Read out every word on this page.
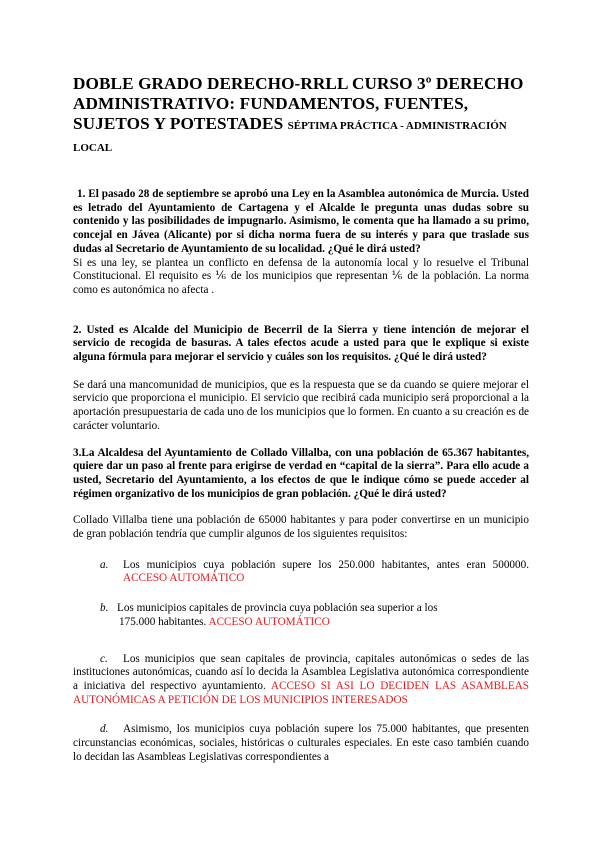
DOBLE GRADO DERECHO-RRLL CURSO 3º DERECHO ADMINISTRATIVO: FUNDAMENTOS, FUENTES, SUJETOS Y POTESTADES SÉPTIMA PRÁCTICA - ADMINISTRACIÓN LOCAL
1. El pasado 28 de septiembre se aprobó una Ley en la Asamblea autonómica de Murcia. Usted es letrado del Ayuntamiento de Cartagena y el Alcalde le pregunta unas dudas sobre su contenido y las posibilidades de impugnarlo. Asimismo, le comenta que ha llamado a su primo, concejal en Jávea (Alicante) por si dicha norma fuera de su interés y para que traslade sus dudas al Secretario de Ayuntamiento de su localidad. ¿Qué le dirá usted?
Si es una ley, se plantea un conflicto en defensa de la autonomía local y lo resuelve el Tribunal Constitucional. El requisito es ⅙ de los municipios que representan ⅙ de la población. La norma como es autonómica no afecta .
2. Usted es Alcalde del Municipio de Becerril de la Sierra y tiene intención de mejorar el servicio de recogida de basuras. A tales efectos acude a usted para que le explique si existe alguna fórmula para mejorar el servicio y cuáles son los requisitos. ¿Qué le dirá usted?
Se dará una mancomunidad de municipios, que es la respuesta que se da cuando se quiere mejorar el servicio que proporciona el municipio. El servicio que recibirá cada municipio será proporcional a la aportación presupuestaria de cada uno de los municipios que lo formen. En cuanto a su creación es de carácter voluntario.
3.La Alcaldesa del Ayuntamiento de Collado Villalba, con una población de 65.367 habitantes, quiere dar un paso al frente para erigirse de verdad en “capital de la sierra”. Para ello acude a usted, Secretario del Ayuntamiento, a los efectos de que le indique cómo se puede acceder al régimen organizativo de los municipios de gran población. ¿Qué le dirá usted?
Collado Villalba tiene una población de 65000 habitantes y para poder convertirse en un municipio de gran población tendría que cumplir algunos de los siguientes requisitos:
a. Los municipios cuya población supere los 250.000 habitantes, antes eran 500000. ACCESO AUTOMÁTICO
b. Los municipios capitales de provincia cuya población sea superior a los
175.000 habitantes. ACCESO AUTOMÁTICO
c. Los municipios que sean capitales de provincia, capitales autonómicas o sedes de las instituciones autonómicas, cuando así lo decida la Asamblea Legislativa autonómica correspondiente a iniciativa del respectivo ayuntamiento. ACCESO SI ASI LO DECIDEN LAS ASAMBLEAS AUTONÓMICAS A PETICIÓN DE LOS MUNICIPIOS INTERESADOS
d. Asimismo, los municipios cuya población supere los 75.000 habitantes, que presenten circunstancias económicas, sociales, históricas o culturales especiales. En este caso también cuando lo decidan las Asambleas Legislativas correspondientes a
